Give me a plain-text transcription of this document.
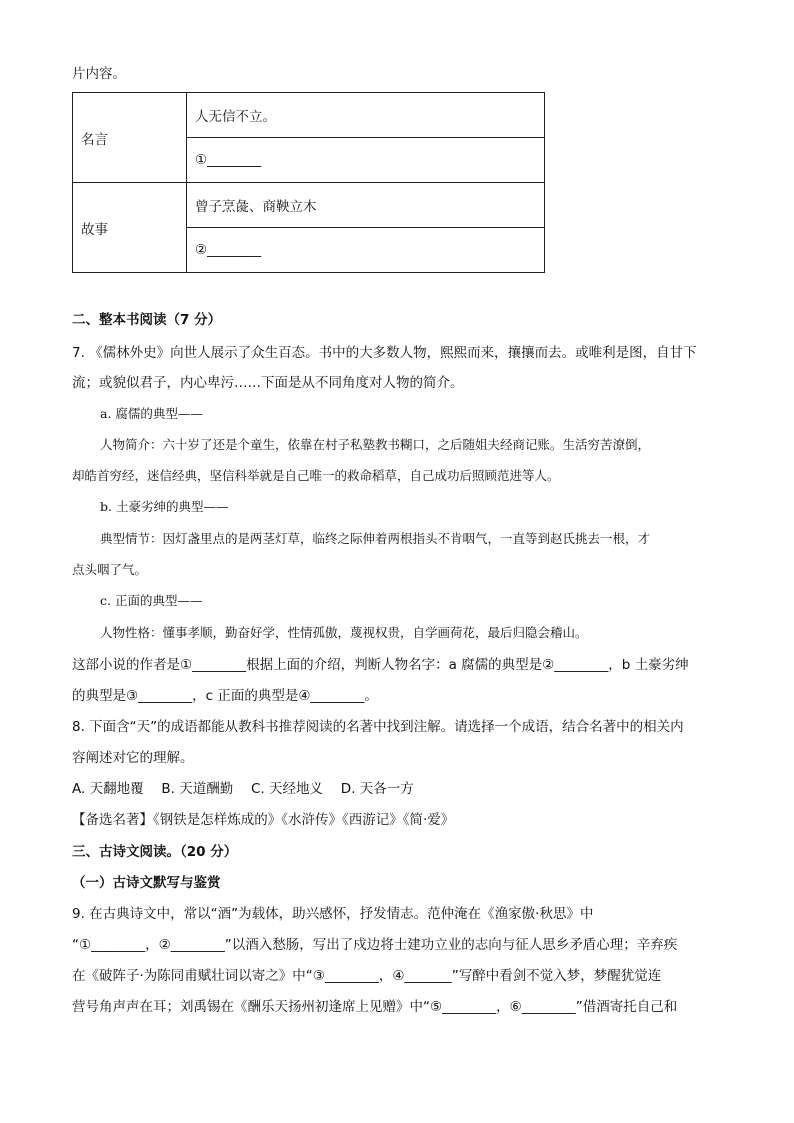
片内容。
名言	人无信不立。
	①________
故事	曾子烹彘、商鞅立木
	②________
二、整本书阅读（7 分）
7. 《儒林外史》向世人展示了众生百态。书中的大多数人物，熙熙而来，攘攘而去。或唯利是图，自甘下
流；或貌似君子，内心卑污……下面是从不同角度对人物的简介。
a. 腐儒的典型——
人物简介：六十岁了还是个童生，依靠在村子私塾教书糊口，之后随姐夫经商记账。生活穷苦潦倒，
却皓首穷经，迷信经典，坚信科举就是自己唯一的救命稻草，自己成功后照顾范进等人。
b. 土豪劣绅的典型——
典型情节：因灯盏里点的是两茎灯草，临终之际伸着两根指头不肯咽气，一直等到赵氏挑去一根，才
点头咽了气。
c. 正面的典型——
人物性格：懂事孝顺，勤奋好学，性情孤傲，蔑视权贵，自学画荷花，最后归隐会稽山。
这部小说的作者是①________根据上面的介绍，判断人物名字：a 腐儒的典型是②________，b 土豪劣绅
的典型是③________，c 正面的典型是④________。
8. 下面含“天”的成语都能从教科书推荐阅读的名著中找到注解。请选择一个成语，结合名著中的相关内
容阐述对它的理解。
A. 天翻地覆　 B. 天道酬勤　 C. 天经地义　 D. 天各一方
【备选名著】《钢铁是怎样炼成的》《水浒传》《西游记》《简·爱》
三、古诗文阅读。（20 分）
（一）古诗文默写与鉴赏
9. 在古典诗文中，常以“酒”为载体，助兴感怀，抒发情志。范仲淹在《渔家傲·秋思》中
“①________，②________”以酒入愁肠，写出了戍边将士建功立业的志向与征人思乡矛盾心理；辛弃疾
在《破阵子·为陈同甫赋壮词以寄之》中“③________，④_______”写醉中看剑不觉入梦，梦醒犹觉连
营号角声声在耳；刘禹锡在《酬乐天扬州初逢席上见赠》中“⑤________，⑥________”借酒寄托自己和
